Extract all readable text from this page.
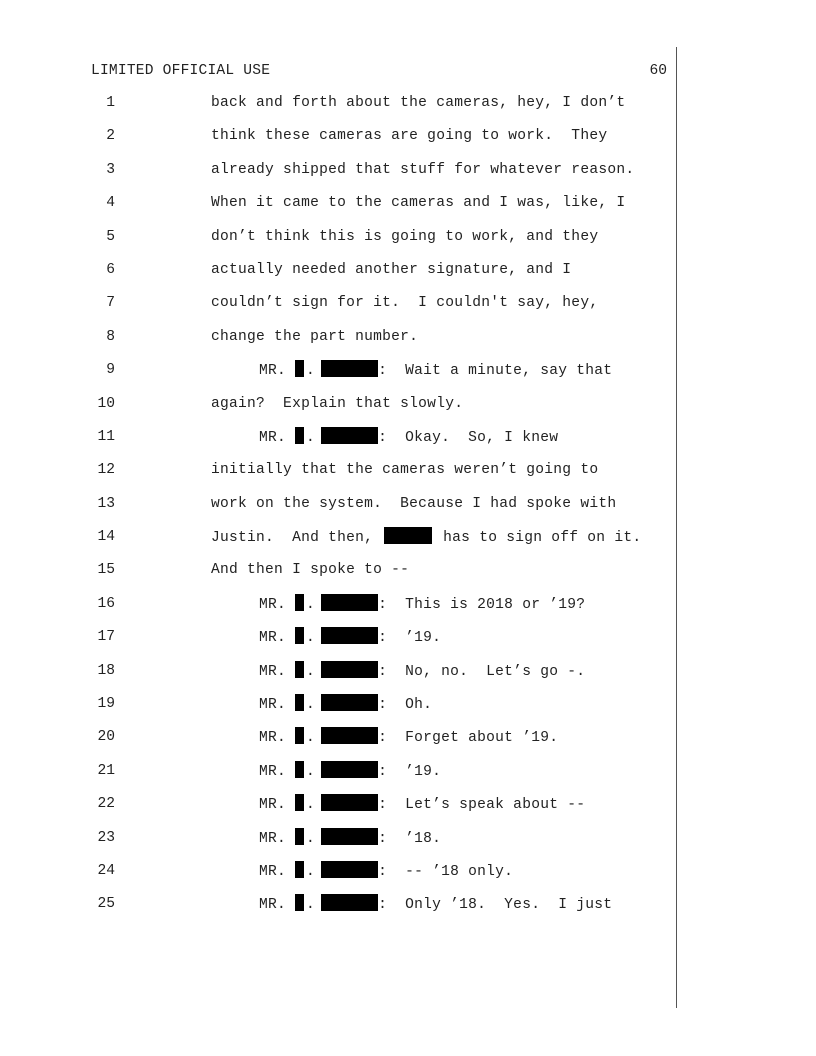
LIMITED OFFICIAL USE	60

1

	back and forth about the cameras, hey, I don’t

2

	think these cameras are going to work.  They

3

	already shipped that stuff for whatever reason.

4

	When it came to the cameras and I was, like, I

5

	don’t think this is going to work, and they

6

	actually needed another signature, and I

7

	couldn’t sign for it.  I couldn't say, hey,

8

	change the part number.

9

	MR. .	:  Wait a minute, say that

10

	again?  Explain that slowly.

11

	MR. .	:  Okay.  So, I knew

12

	initially that the cameras weren’t going to

13

	work on the system.  Because I had spoke with

14

	Justin.  And then,	has to sign off on it.

15

	And then I spoke to --

16

	MR. .	:  This is 2018 or ’19?

17

	MR. .	:  ’19.

18

	MR. .	:  No, no.  Let’s go -.

19

	MR. .	:  Oh.

20

	MR. .	:  Forget about ’19.

21

	MR. .	:  ’19.

22

	MR. .	:  Let’s speak about --

23

	MR. .	:  ’18.

24

	MR. .	:  -- ’18 only.

25

	MR. .	:  Only ’18.  Yes.  I just
